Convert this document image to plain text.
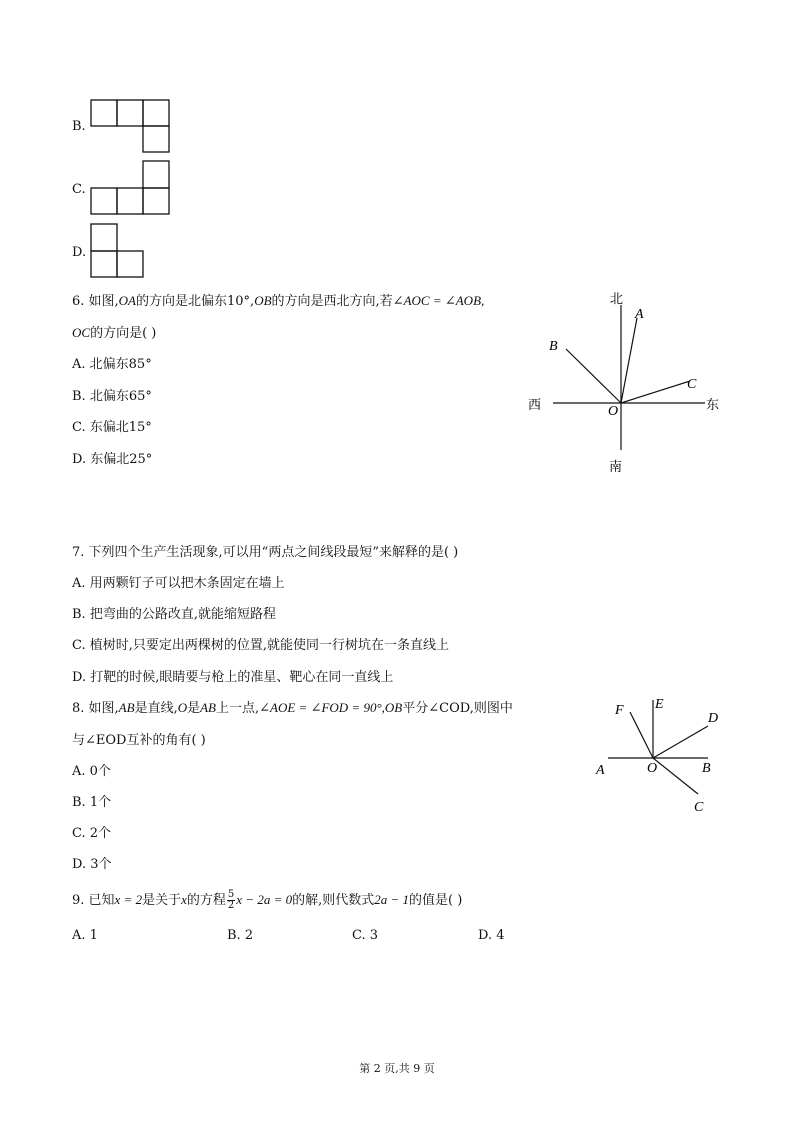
B.
C.
D.
6. 如图,OA的方向是北偏东10°,OB的方向是西北方向,若∠AOC = ∠AOB,
OC的方向是( )
A. 北偏东85°
B. 北偏东65°
C. 东偏北15°
D. 东偏北25°
北
南
西	东
A
B
C
O
7. 下列四个生产生活现象,可以用“两点之间线段最短”来解释的是( )
A. 用两颗钉子可以把木条固定在墙上
B. 把弯曲的公路改直,就能缩短路程
C. 植树时,只要定出两棵树的位置,就能使同一行树坑在一条直线上
D. 打靶的时候,眼睛要与枪上的准星、靶心在同一直线上
8. 如图,AB是直线,O是AB上一点,∠AOE = ∠FOD = 90°,OB平分∠COD,则图中
与∠EOD互补的角有( )
A. 0个
B. 1个
C. 2个
D. 3个
A	B
C
D
E
F
O
9. 已知x = 2是关于x的方程 $\frac{5}{2}$ x − 2a = 0的解,则代数式2a − 1的值是( )
A. 1	B. 2	C. 3	D. 4
第 2 页,共 9 页
